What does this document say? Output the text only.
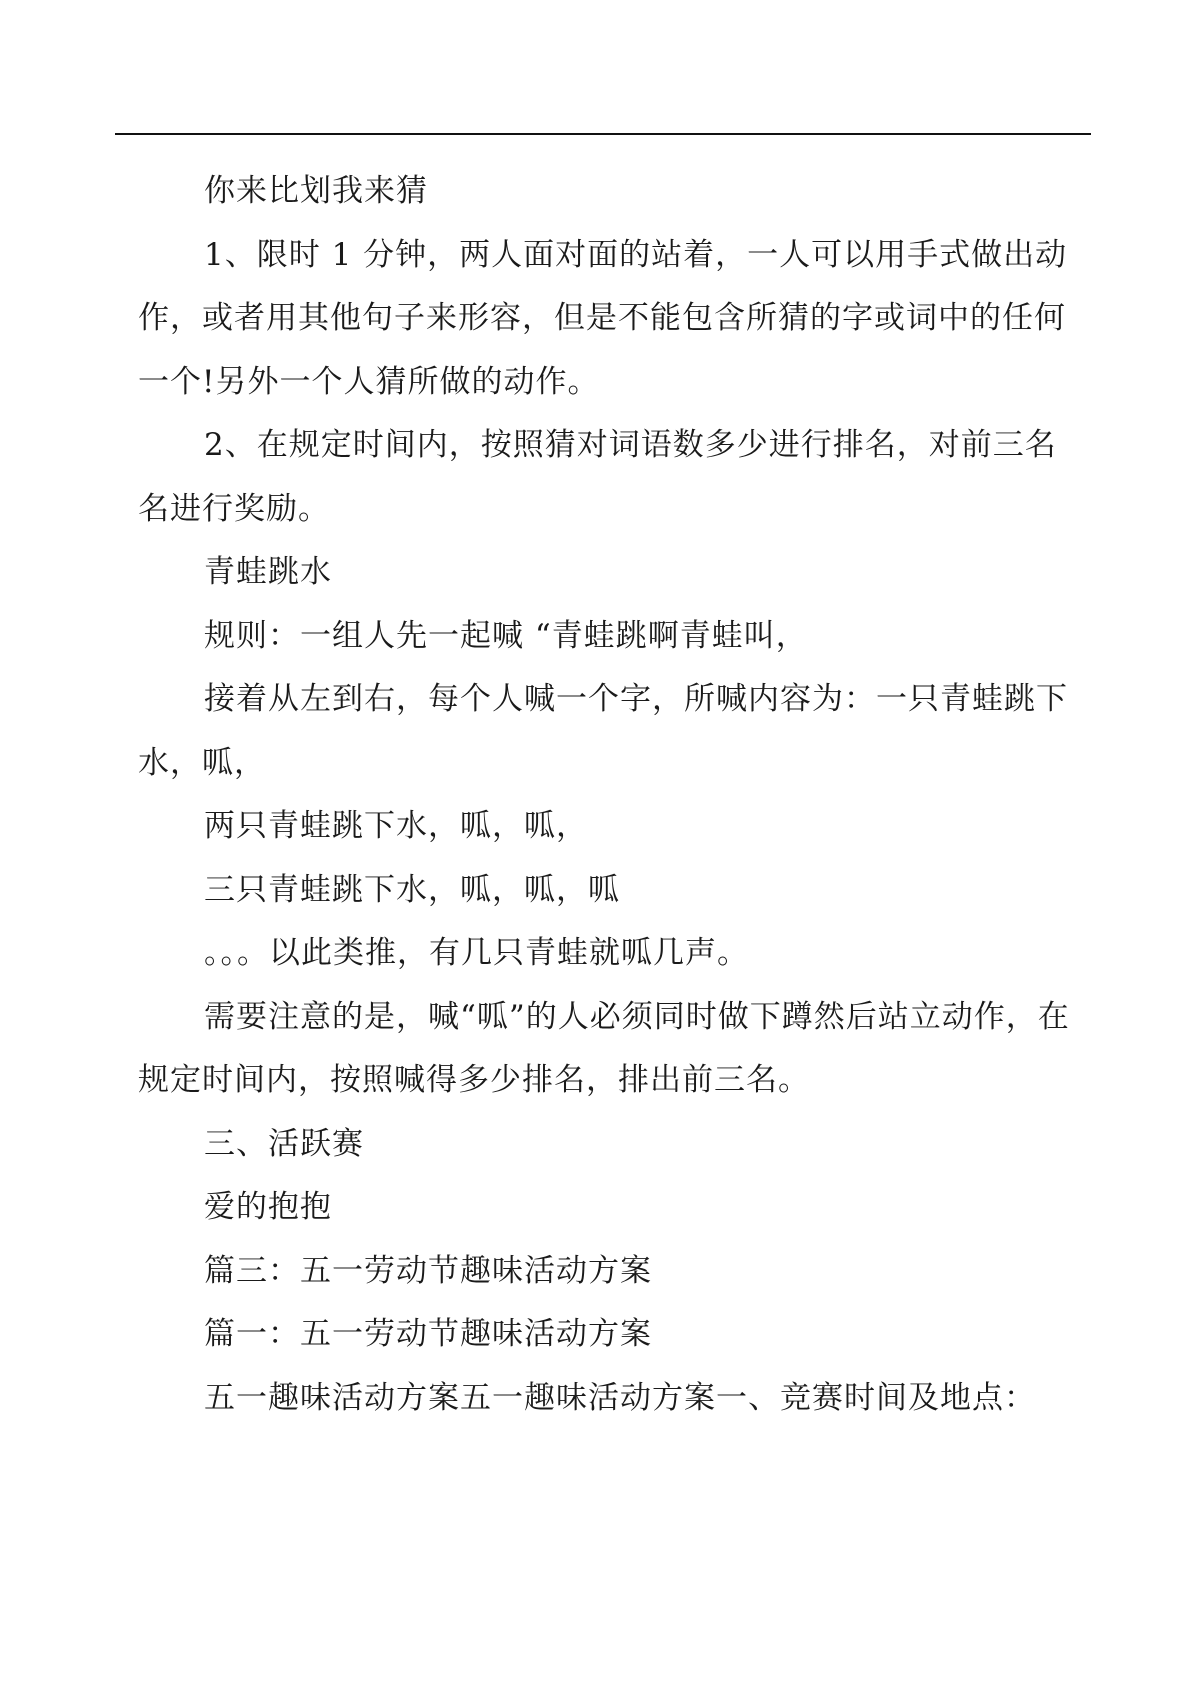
你来比划我来猜

1、限时 1 分钟，两人面对面的站着，一人可以用手式做出动作，或者用其他句子来形容，但是不能包含所猜的字或词中的任何一个!另外一个人猜所做的动作。

2、在规定时间内，按照猜对词语数多少进行排名，对前三名名进行奖励。

青蛙跳水

规则：一组人先一起喊 “青蛙跳啊青蛙叫，

接着从左到右，每个人喊一个字，所喊内容为：一只青蛙跳下水，呱，

两只青蛙跳下水，呱，呱，

三只青蛙跳下水，呱，呱，呱

。。。以此类推，有几只青蛙就呱几声。

需要注意的是，喊“呱”的人必须同时做下蹲然后站立动作，在规定时间内，按照喊得多少排名，排出前三名。

三、活跃赛

爱的抱抱

篇三：五一劳动节趣味活动方案

篇一：五一劳动节趣味活动方案

五一趣味活动方案五一趣味活动方案一、竞赛时间及地点：
